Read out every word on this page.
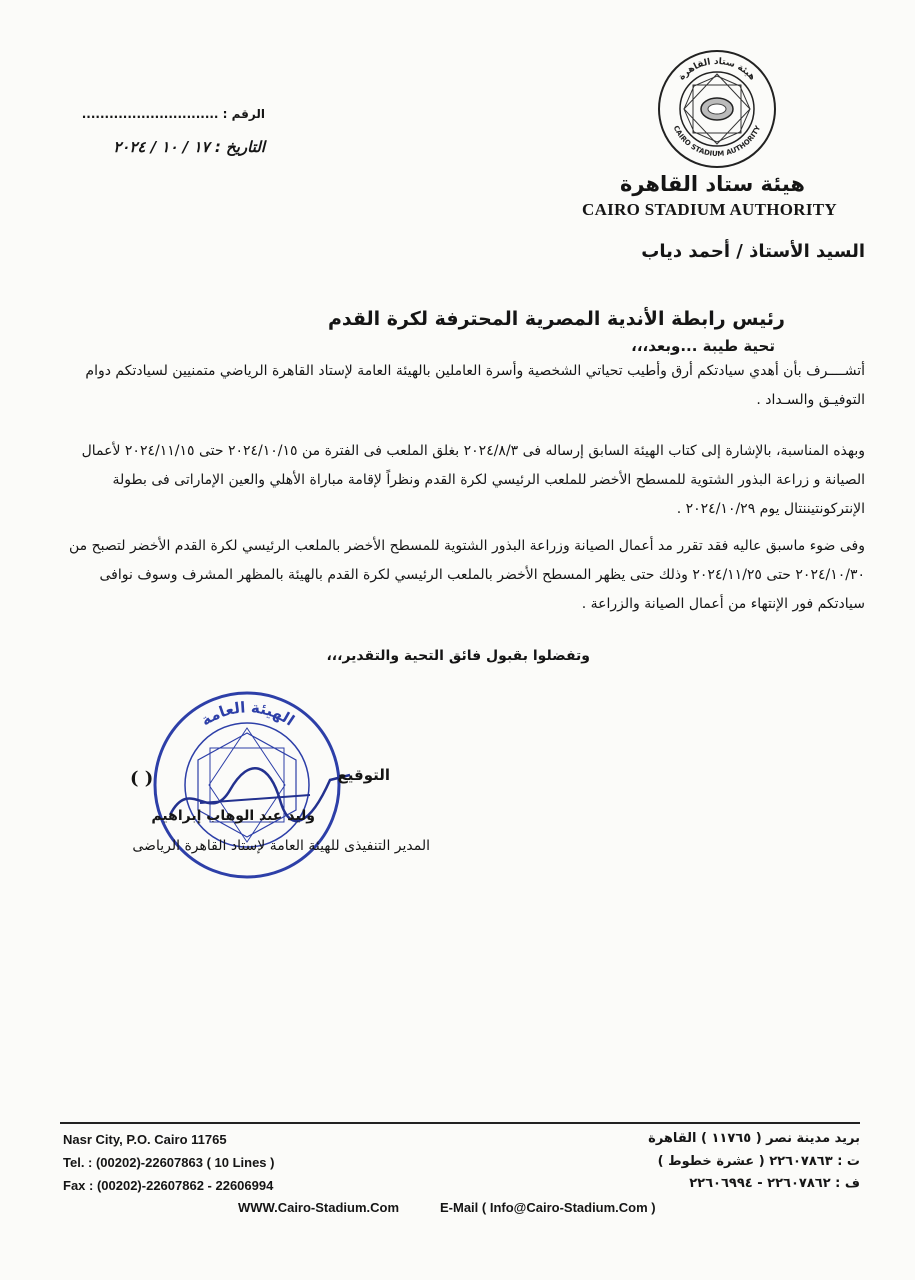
هيئة ستاد القاهرة
CAIRO STADIUM AUTHORITY
هيئة ستاد القاهرة
CAIRO STADIUM AUTHORITY
الرقم : ..............................
التاريخ : ١٧ / ١٠ / ٢٠٢٤
السيد الأستاذ / أحمد دياب
رئيس رابطة الأندية المصرية المحترفة لكرة القدم
تحية طيبة ...وبعد،،،
أتشــــرف بأن أهدي سيادتكم أرق وأطيب تحياتي الشخصية وأسرة العاملين بالهيئة العامة لإستاد القاهرة الرياضي متمنيين لسيادتكم دوام التوفيـق والسـداد .
وبهذه المناسبة، بالإشارة إلى كتاب الهيئة السابق إرساله فى ٢٠٢٤/٨/٣ بغلق الملعب فى الفترة من ٢٠٢٤/١٠/١٥ حتى ٢٠٢٤/١١/١٥ لأعمال الصيانة و زراعة البذور الشتوية للمسطح الأخضر للملعب الرئيسي لكرة القدم ونظراً لإقامة مباراة الأهلي والعين الإماراتى فى بطولة الإنتركونتيننتال يوم ٢٠٢٤/١٠/٢٩ .
وفى ضوء ماسبق عاليه فقد تقرر مد أعمال الصيانة وزراعة البذور الشتوية للمسطح الأخضر بالملعب الرئيسي لكرة القدم الأخضر لتصبح من ٢٠٢٤/١٠/٣٠ حتى ٢٠٢٤/١١/٢٥ وذلك حتى يظهر المسطح الأخضر بالملعب الرئيسي لكرة القدم بالهيئة بالمظهر المشرف وسوف نوافى سيادتكم فور الإنتهاء من أعمال الصيانة والزراعة .
وتفضلوا بقبول فائق التحية والتقدير،،،
الهيئة العامة
التوقيع
( )
وليد عبد الوهاب إبراهيم
المدير التنفيذى للهيئة العامة لإستاد القاهرة الرياضى
Nasr City, P.O. Cairo 11765
Tel. : (00202)-22607863 ( 10 Lines )
Fax : (00202)-22607862 - 22606994
بريد مدينة نصر ( ١١٧٦٥ ) القاهرة
ت : ٢٢٦٠٧٨٦٣ ( عشرة خطوط )
ف : ٢٢٦٠٧٨٦٢ - ٢٢٦٠٦٩٩٤
WWW.Cairo-Stadium.Com	E-Mail ( Info@Cairo-Stadium.Com )
